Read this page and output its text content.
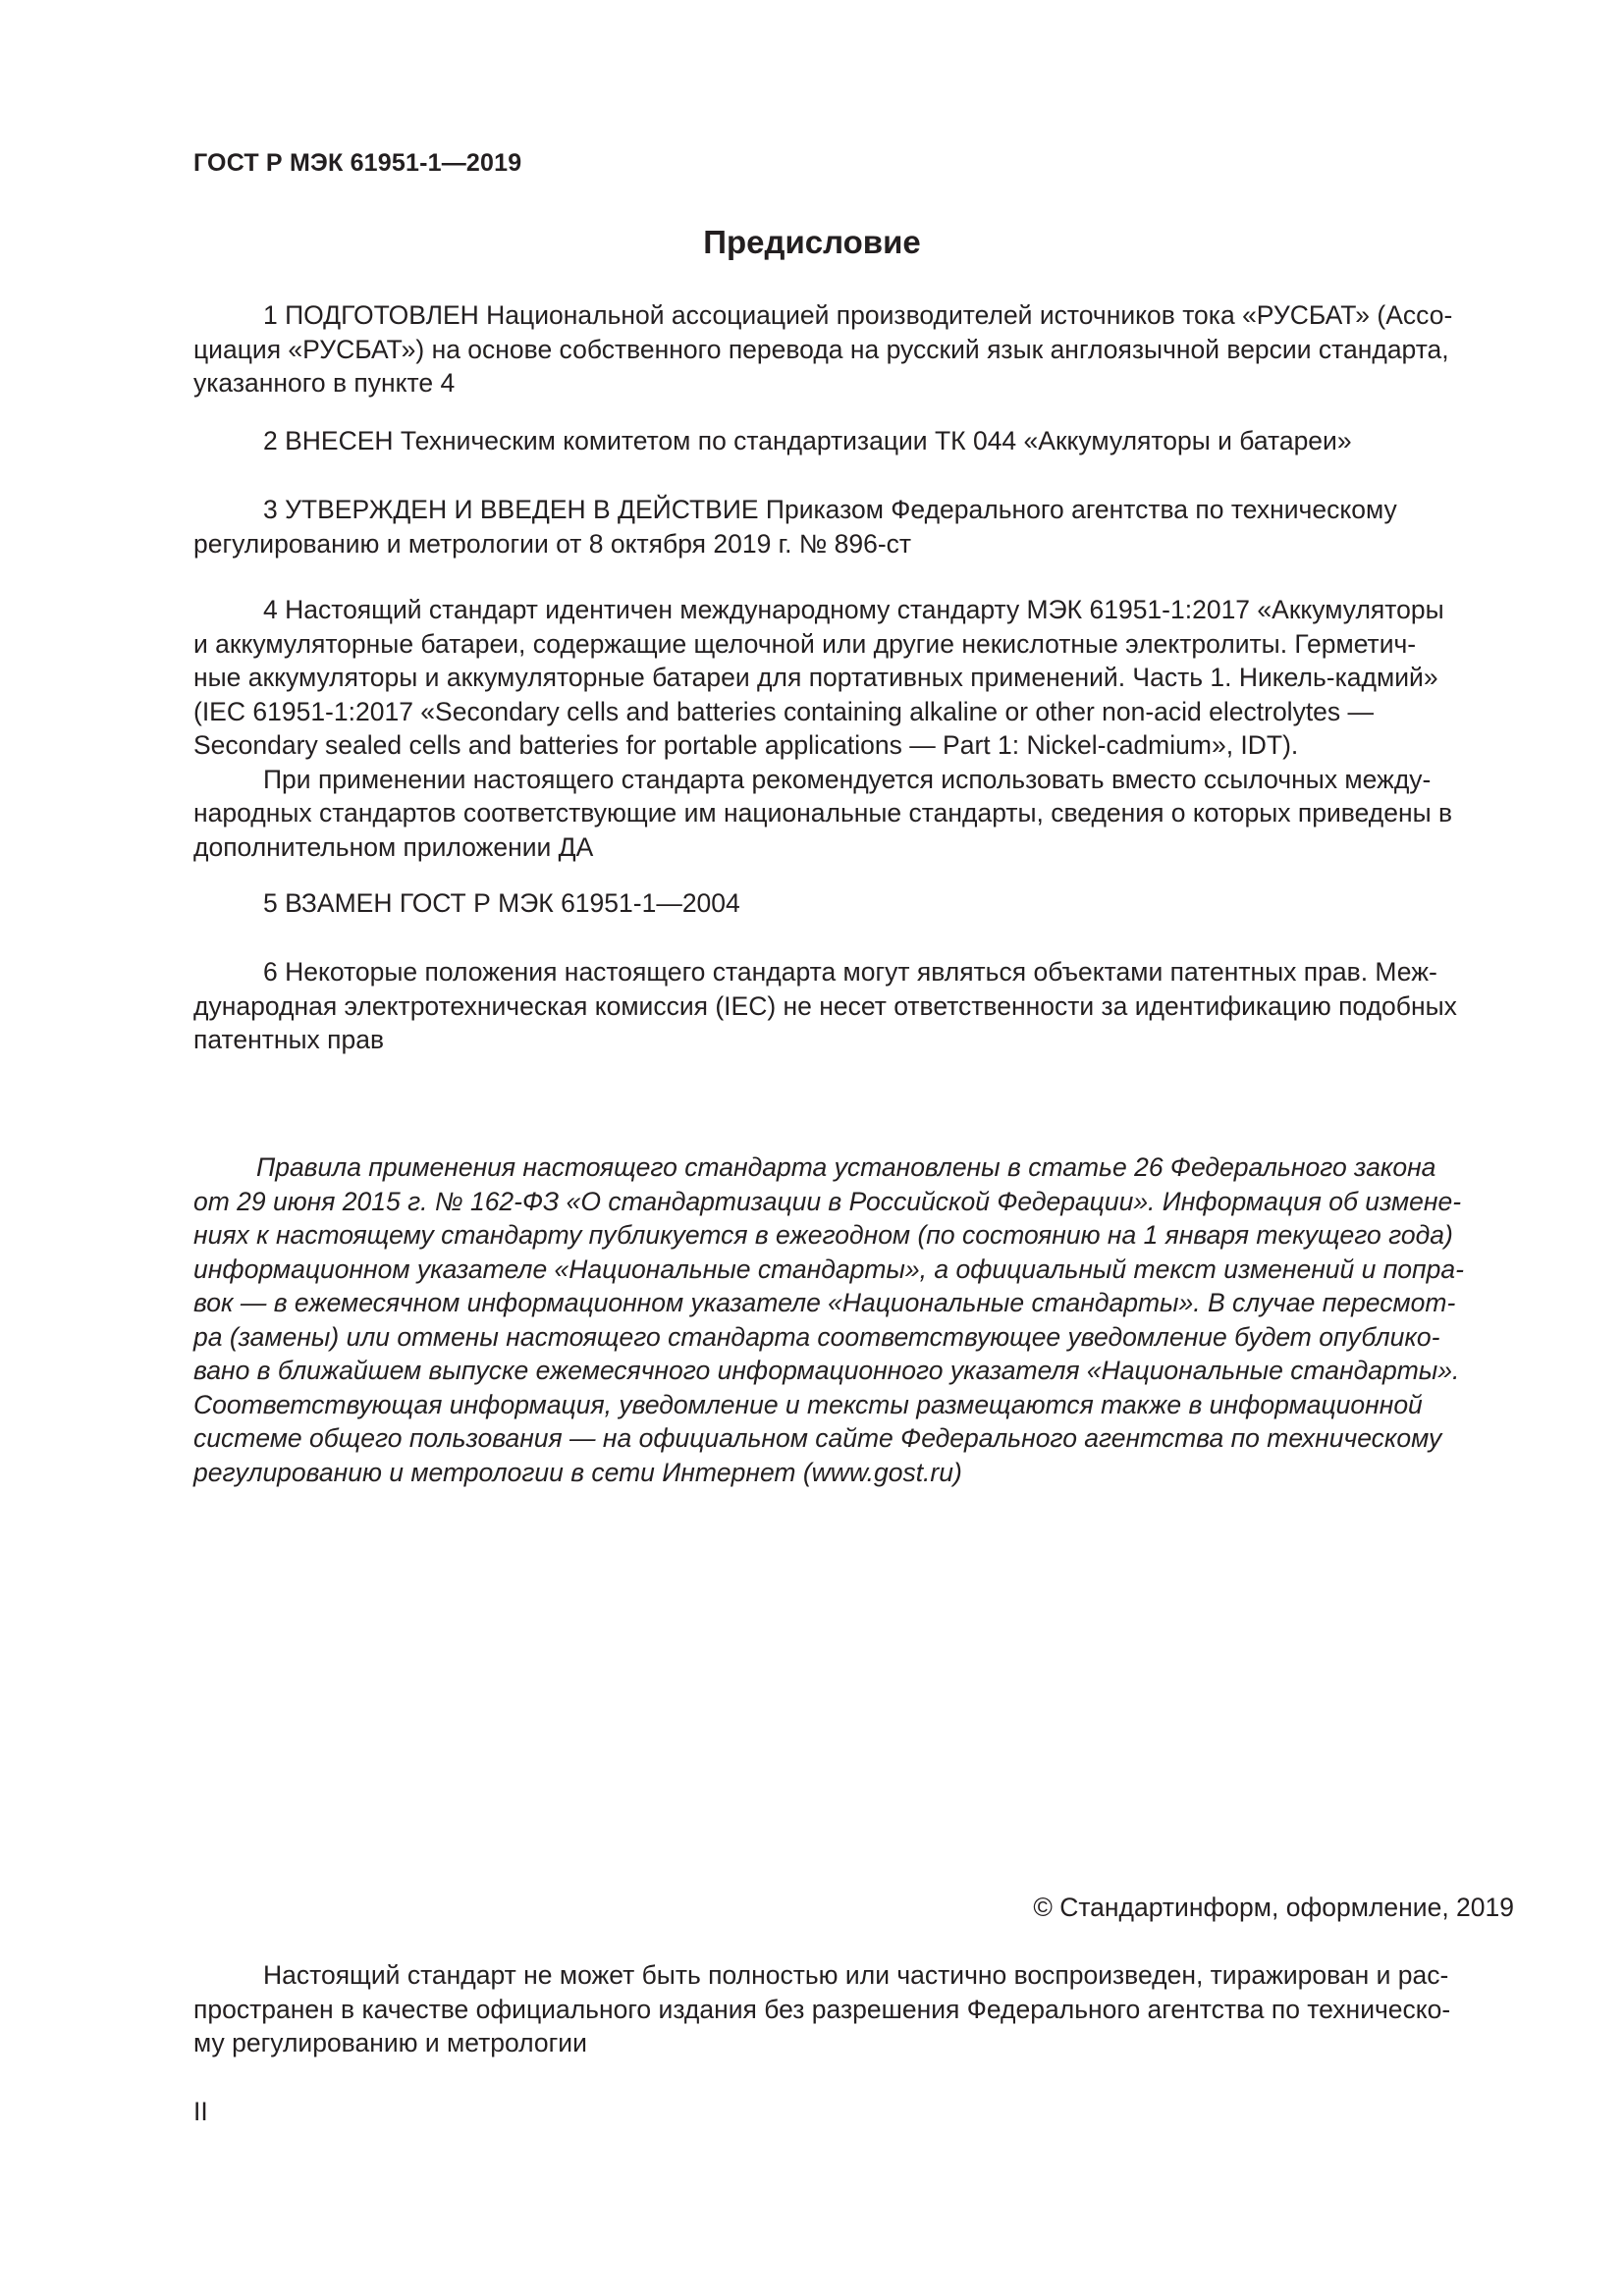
ГОСТ Р МЭК 61951-1—2019
Предисловие

1 ПОДГОТОВЛЕН Национальной ассоциацией производителей источников тока «РУСБАТ» (Ассо-
циация «РУСБАТ») на основе собственного перевода на русский язык англоязычной версии стандарта,
указанного в пункте 4

2 ВНЕСЕН Техническим комитетом по стандартизации ТК 044 «Аккумуляторы и батареи»

3 УТВЕРЖДЕН И ВВЕДЕН В ДЕЙСТВИЕ Приказом Федерального агентства по техническому
регулированию и метрологии от 8 октября 2019 г. № 896-ст

4 Настоящий стандарт идентичен международному стандарту МЭК 61951-1:2017 «Аккумуляторы
и аккумуляторные батареи, содержащие щелочной или другие некислотные электролиты. Герметич-
ные аккумуляторы и аккумуляторные батареи для портативных применений. Часть 1. Никель-кадмий»
(IEC 61951-1:2017 «Secondary cells and batteries containing alkaline or other non-acid electrolytes —
Secondary sealed cells and batteries for portable applications — Part 1: Nickel-cadmium», IDT).

При применении настоящего стандарта рекомендуется использовать вместо ссылочных между-
народных стандартов соответствующие им национальные стандарты, сведения о которых приведены в
дополнительном приложении ДА

5 ВЗАМЕН ГОСТ Р МЭК 61951-1—2004

6 Некоторые положения настоящего стандарта могут являться объектами патентных прав. Меж-
дународная электротехническая комиссия (IEC) не несет ответственности за идентификацию подобных
патентных прав

Правила применения настоящего стандарта установлены в статье 26 Федерального закона
от 29 июня 2015 г. № 162-ФЗ «О стандартизации в Российской Федерации». Информация об измене-
ниях к настоящему стандарту публикуется в ежегодном (по состоянию на 1 января текущего года)
информационном указателе «Национальные стандарты», а официальный текст изменений и попра-
вок — в ежемесячном информационном указателе «Национальные стандарты». В случае пересмот-
ра (замены) или отмены настоящего стандарта соответствующее уведомление будет опублико-
вано в ближайшем выпуске ежемесячного информационного указателя «Национальные стандарты».
Соответствующая информация, уведомление и тексты размещаются также в информационной
системе общего пользования — на официальном сайте Федерального агентства по техническому
регулированию и метрологии в сети Интернет (www.gost.ru)

© Стандартинформ, оформление, 2019

Настоящий стандарт не может быть полностью или частично воспроизведен, тиражирован и рас-
пространен в качестве официального издания без разрешения Федерального агентства по техническо-
му регулированию и метрологии

II
